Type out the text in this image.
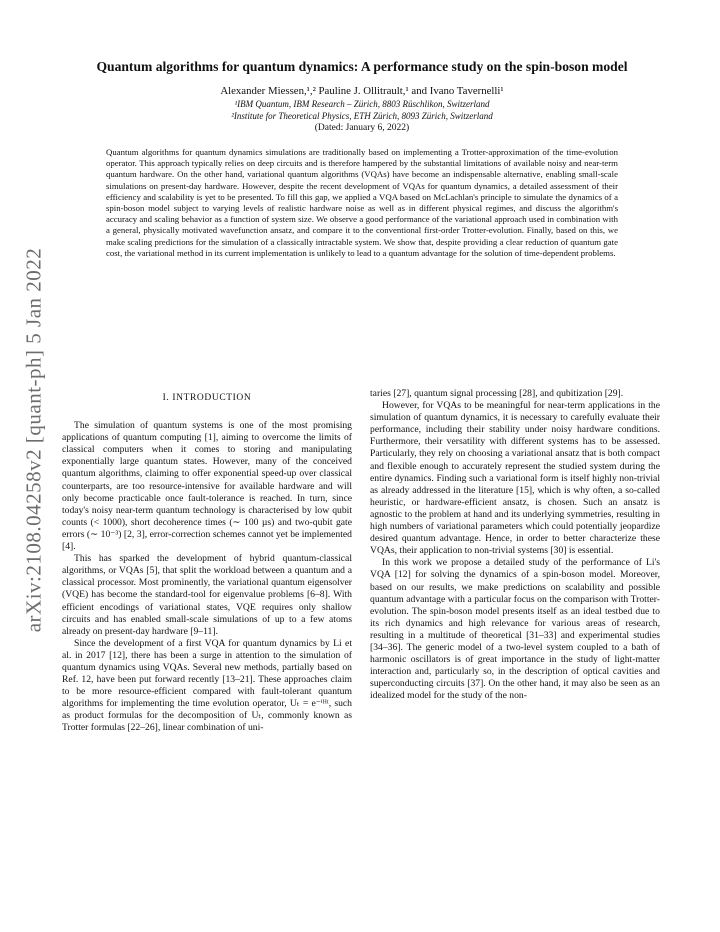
arXiv:2108.04258v2 [quant-ph] 5 Jan 2022
Quantum algorithms for quantum dynamics: A performance study on the spin-boson model
Alexander Miessen,¹,² Pauline J. Ollitrault,¹ and Ivano Tavernelli¹
¹IBM Quantum, IBM Research – Zürich, 8803 Rüschlikon, Switzerland
²Institute for Theoretical Physics, ETH Zürich, 8093 Zürich, Switzerland
(Dated: January 6, 2022)
Quantum algorithms for quantum dynamics simulations are traditionally based on implementing a Trotter-approximation of the time-evolution operator. This approach typically relies on deep circuits and is therefore hampered by the substantial limitations of available noisy and near-term quantum hardware. On the other hand, variational quantum algorithms (VQAs) have become an indispensable alternative, enabling small-scale simulations on present-day hardware. However, despite the recent development of VQAs for quantum dynamics, a detailed assessment of their efficiency and scalability is yet to be presented. To fill this gap, we applied a VQA based on McLachlan's principle to simulate the dynamics of a spin-boson model subject to varying levels of realistic hardware noise as well as in different physical regimes, and discuss the algorithm's accuracy and scaling behavior as a function of system size. We observe a good performance of the variational approach used in combination with a general, physically motivated wavefunction ansatz, and compare it to the conventional first-order Trotter-evolution. Finally, based on this, we make scaling predictions for the simulation of a classically intractable system. We show that, despite providing a clear reduction of quantum gate cost, the variational method in its current implementation is unlikely to lead to a quantum advantage for the solution of time-dependent problems.
I. INTRODUCTION

The simulation of quantum systems is one of the most promising applications of quantum computing [1], aiming to overcome the limits of classical computers when it comes to storing and manipulating exponentially large quantum states. However, many of the conceived quantum algorithms, claiming to offer exponential speed-up over classical counterparts, are too resource-intensive for available hardware and will only become practicable once fault-tolerance is reached. In turn, since today's noisy near-term quantum technology is characterised by low qubit counts (< 1000), short decoherence times (∼ 100 µs) and two-qubit gate errors (∼ 10⁻³) [2, 3], error-correction schemes cannot yet be implemented [4].

This has sparked the development of hybrid quantum-classical algorithms, or VQAs [5], that split the workload between a quantum and a classical processor. Most prominently, the variational quantum eigensolver (VQE) has become the standard-tool for eigenvalue problems [6–8]. With efficient encodings of variational states, VQE requires only shallow circuits and has enabled small-scale simulations of up to a few atoms already on present-day hardware [9–11].

Since the development of a first VQA for quantum dynamics by Li et al. in 2017 [12], there has been a surge in attention to the simulation of quantum dynamics using VQAs. Several new methods, partially based on Ref. 12, have been put forward recently [13–21]. These approaches claim to be more resource-efficient compared with fault-tolerant quantum algorithms for implementing the time evolution operator, Uₜ = e⁻ⁱᴴᵗ, such as product formulas for the decomposition of Uₜ, commonly known as Trotter formulas [22–26], linear combination of uni-

taries [27], quantum signal processing [28], and qubitization [29].

However, for VQAs to be meaningful for near-term applications in the simulation of quantum dynamics, it is necessary to carefully evaluate their performance, including their stability under noisy hardware conditions. Furthermore, their versatility with different systems has to be assessed. Particularly, they rely on choosing a variational ansatz that is both compact and flexible enough to accurately represent the studied system during the entire dynamics. Finding such a variational form is itself highly non-trivial as already addressed in the literature [15], which is why often, a so-called heuristic, or hardware-efficient ansatz, is chosen. Such an ansatz is agnostic to the problem at hand and its underlying symmetries, resulting in high numbers of variational parameters which could potentially jeopardize desired quantum advantage. Hence, in order to better characterize these VQAs, their application to non-trivial systems [30] is essential.

In this work we propose a detailed study of the performance of Li's VQA [12] for solving the dynamics of a spin-boson model. Moreover, based on our results, we make predictions on scalability and possible quantum advantage with a particular focus on the comparison with Trotter-evolution. The spin-boson model presents itself as an ideal testbed due to its rich dynamics and high relevance for various areas of research, resulting in a multitude of theoretical [31–33] and experimental studies [34–36]. The generic model of a two-level system coupled to a bath of harmonic oscillators is of great importance in the study of light-matter interaction and, particularly so, in the description of optical cavities and superconducting circuits [37]. On the other hand, it may also be seen as an idealized model for the study of the non-
